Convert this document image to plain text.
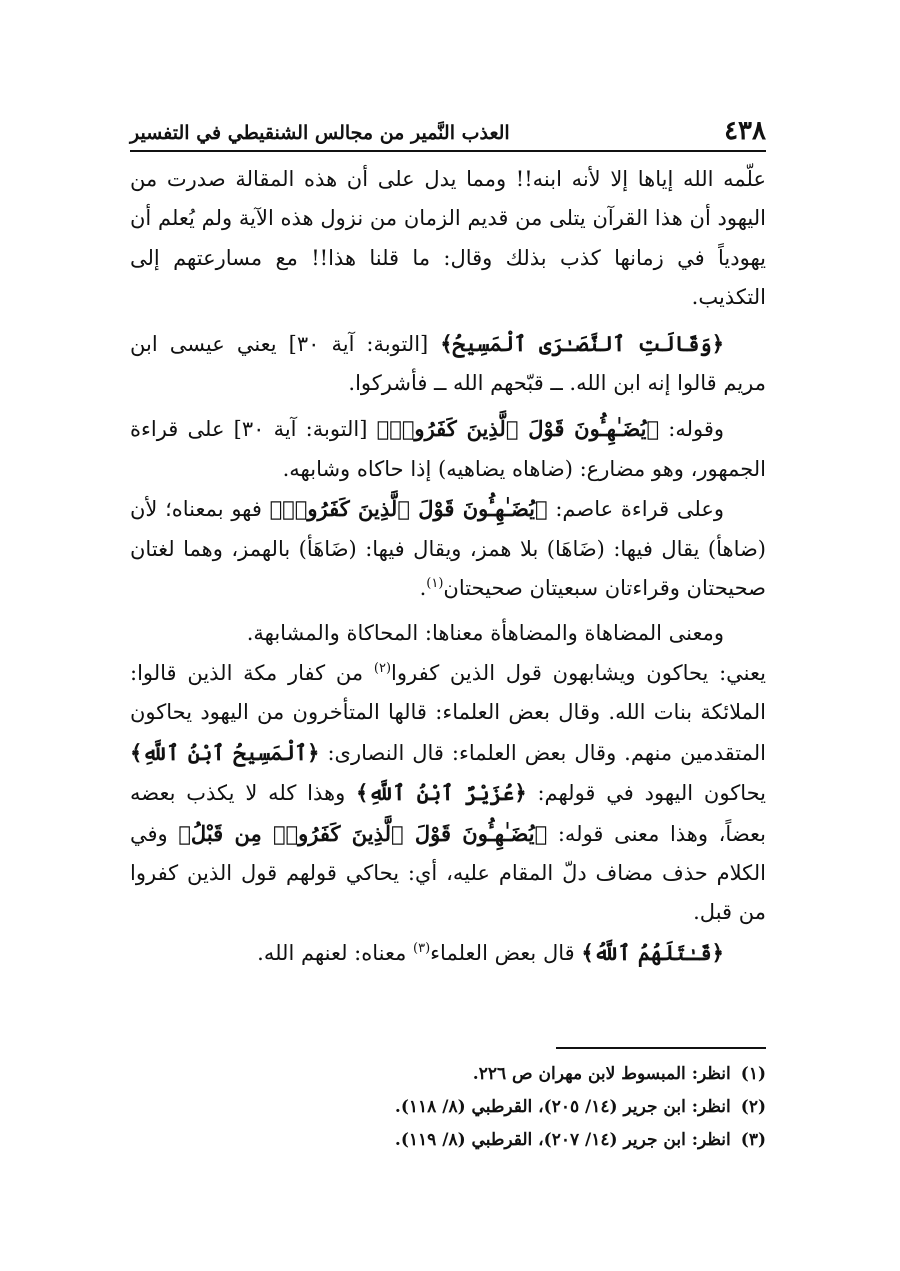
٤٣٨
العذب النَّمير من مجالس الشنقيطي في التفسير

علّمه الله إياها إلا لأنه ابنه!! ومما يدل على أن هذه المقالة صدرت من اليهود أن هذا القرآن يتلى من قديم الزمان من نزول هذه الآية ولم يُعلم أن يهودياً في زمانها كذب بذلك وقال: ما قلنا هذا!! مع مسارعتهم إلى التكذيب.

﴿وَقَالَتِ ٱلنَّصَـٰرَى ٱلْمَسِيحُ﴾ [التوبة: آية ٣٠] يعني عيسى ابن مريم قالوا إنه ابن الله. ــ قبّحهم الله ــ فأشركوا.

وقوله: ﴿يُضَـٰهِـُٔونَ قَوْلَ ٱلَّذِينَ كَفَرُوا۟﴾ [التوبة: آية ٣٠] على قراءة الجمهور، وهو مضارع: (ضاهاه يضاهيه) إذا حاكاه وشابهه.

وعلى قراءة عاصم: ﴿يُضَـٰهِـُٔونَ قَوْلَ ٱلَّذِينَ كَفَرُوا۟﴾ فهو بمعناه؛ لأن (ضاهأ) يقال فيها: (ضَاهَا) بلا همز، ويقال فيها: (ضَاهَأ) بالهمز، وهما لغتان صحيحتان وقراءتان سبعيتان صحيحتان$^{(١)}$.

ومعنى المضاهاة والمضاهأة معناها: المحاكاة والمشابهة.

يعني: يحاكون ويشابهون قول الذين كفروا$^{(٢)}$ من كفار مكة الذين قالوا: الملائكة بنات الله. وقال بعض العلماء: قالها المتأخرون من اليهود يحاكون المتقدمين منهم. وقال بعض العلماء: قال النصارى: ﴿ٱلْمَسِيحُ ٱبْنُ ٱللَّهِ﴾ يحاكون اليهود في قولهم: ﴿عُزَيْرٌ ٱبْنُ ٱللَّهِ﴾ وهذا كله لا يكذب بعضه بعضاً، وهذا معنى قوله: ﴿يُضَـٰهِـُٔونَ قَوْلَ ٱلَّذِينَ كَفَرُوا۟ مِن قَبْلُ﴾ وفي الكلام حذف مضاف دلّ المقام عليه، أي: يحاكي قولهم قول الذين كفروا من قبل.

﴿قَـٰتَلَهُمُ ٱللَّهُ﴾ قال بعض العلماء$^{(٣)}$ معناه: لعنهم الله.

(١)انظر: المبسوط لابن مهران ص ٢٢٦.

(٢)انظر: ابن جرير (١٤/ ٢٠٥)، القرطبي (٨/ ١١٨).

(٣)انظر: ابن جرير (١٤/ ٢٠٧)، القرطبي (٨/ ١١٩).
